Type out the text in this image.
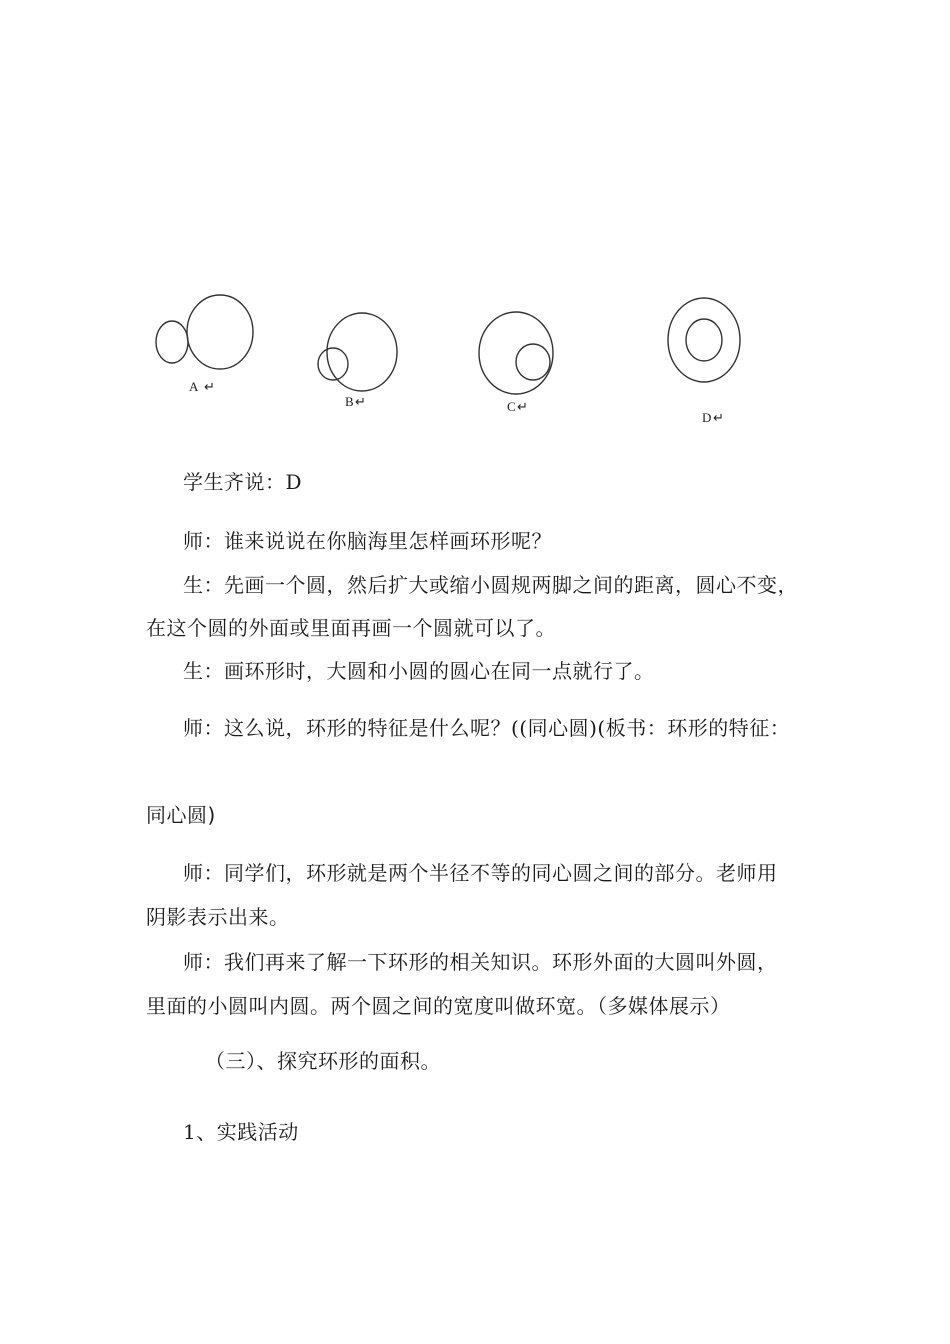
A ↵
B ↵	C ↵
D ↵
学生齐说：D
师：谁来说说在你脑海里怎样画环形呢？
生：先画一个圆，然后扩大或缩小圆规两脚之间的距离，圆心不变，
在这个圆的外面或里面再画一个圆就可以了。
生：画环形时，大圆和小圆的圆心在同一点就行了。
师：这么说，环形的特征是什么呢？((同心圆)(板书：环形的特征：
同心圆)
师：同学们，环形就是两个半径不等的同心圆之间的部分。老师用
阴影表示出来。
师：我们再来了解一下环形的相关知识。环形外面的大圆叫外圆，
里面的小圆叫内圆。两个圆之间的宽度叫做环宽。（多媒体展示）
（三）、探究环形的面积。
1、实践活动
